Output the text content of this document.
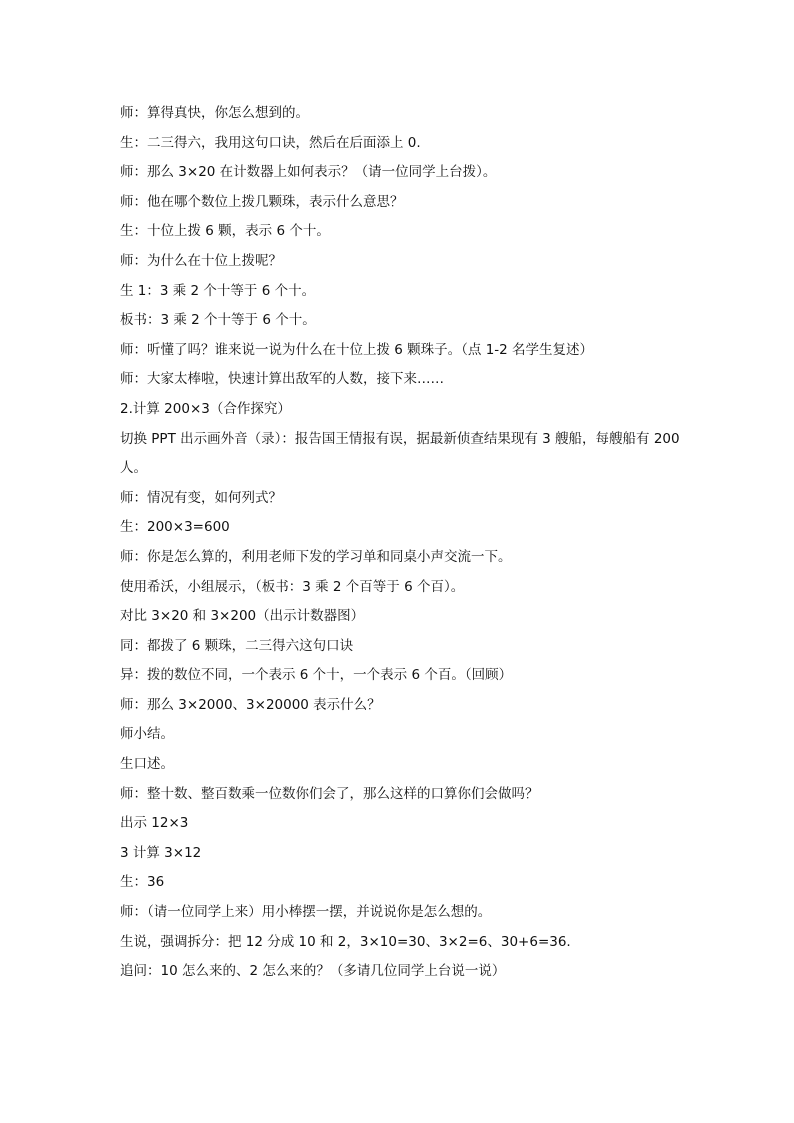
师：算得真快，你怎么想到的。
生：二三得六，我用这句口诀，然后在后面添上 0.
师：那么 3×20 在计数器上如何表示？（请一位同学上台拨）。
师：他在哪个数位上拨几颗珠，表示什么意思？
生：十位上拨 6 颗，表示 6 个十。
师：为什么在十位上拨呢？
生 1：3 乘 2 个十等于 6 个十。
板书：3 乘 2 个十等于 6 个十。
师：听懂了吗？谁来说一说为什么在十位上拨 6 颗珠子。（点 1-2 名学生复述）
师：大家太棒啦，快速计算出敌军的人数，接下来……
2.计算 200×3（合作探究）
切换 PPT 出示画外音（录）：报告国王情报有误，据最新侦查结果现有 3 艘船，每艘船有 200
人。
师：情况有变，如何列式？
生：200×3=600
师：你是怎么算的，利用老师下发的学习单和同桌小声交流一下。
使用希沃，小组展示，（板书：3 乘 2 个百等于 6 个百）。
对比 3×20 和 3×200（出示计数器图）
同：都拨了 6 颗珠，二三得六这句口诀
异：拨的数位不同，一个表示 6 个十，一个表示 6 个百。（回顾）
师：那么 3×2000、3×20000 表示什么？
师小结。
生口述。
师：整十数、整百数乘一位数你们会了，那么这样的口算你们会做吗？
出示 12×3
3 计算 3×12
生：36
师：（请一位同学上来）用小棒摆一摆，并说说你是怎么想的。
生说，强调拆分：把 12 分成 10 和 2，3×10=30、3×2=6、30+6=36.
追问：10 怎么来的、2 怎么来的？（多请几位同学上台说一说）
